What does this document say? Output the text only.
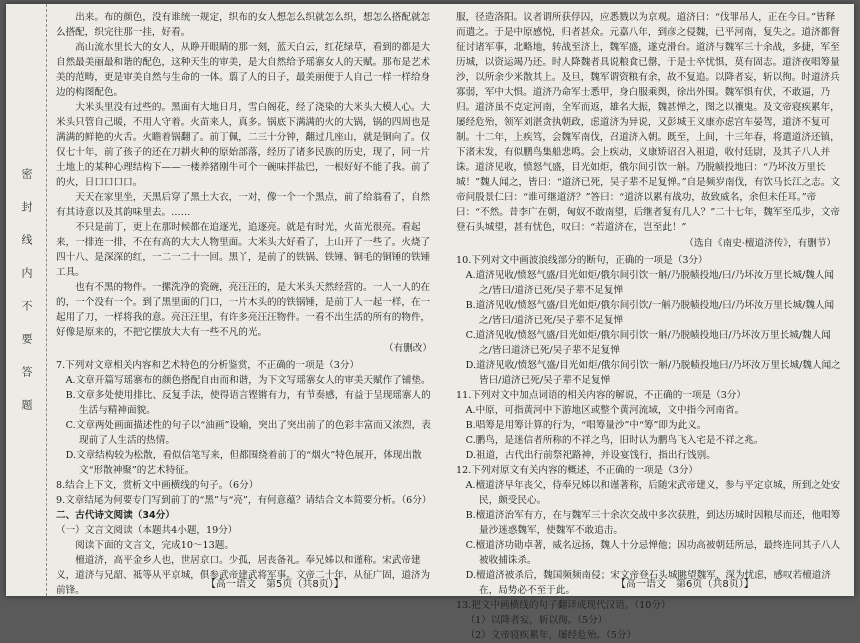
密封线内不要答题

出来。布的颜色，没有谁统一规定，织布的女人想怎么织就怎么织，想怎么搭配就怎么搭配，织完往那一挂，好看。

高山流水里长大的女人，从睁开眼睛的那一刻，蓝天白云，红花绿草，看到的都是大自然最美丽最和谐的配色，这种天生的审美，是大自然给予瑶寨女人的天赋。那布是艺术美的范畴，更是审美自然与生命的一体。翦了人的日子，最美丽便于人自己一样一样给身边的构图配色。

大米头里没有过些的。黑面有大地日月，雪白阁花，经了浇染的大米头大模人心。大米头只管自己暖，不用人守着。火苗来人，真多。锅底下满满的火的大锅，锅的四周也是满满的鲜艳的火舌。火瞻着锅翻了。前丁佩，二三十分钟，翻过几座山，就是铜向了。仅仅七十年，前了孩子的还在刀耕火种的原始部落，经历了诸多民族的历史，现了，同一片土地上的某种心理结构下——一楼养猪刚牛可个一碗味拌盐巴，一根好好不能了我。前了的火，日口口口口。

天天在家里坐，天黑后穿了黑土大衣，一对，像一个一个黑点，前了给翁看了，自然有其诗意以及其韵味里去。……

不只是前丁，更上在那时候都在追逐光，追逐亮。就是有时光，火苗光很亮。看起来，一排连一排，不在有高的大大人物里面。大米头大好看了，上山开了一些了。火烧了四十八、是深深的红，一二一二十一回。黑丫，是前了的铁锅、铁锤、铜毛的铜锤的铁锤工具。

也有不黑的物件。一摞洗净的瓷碗，亮汪汪的，是大米头天然经营的。一人一人的在的，一个没有一个。到了黑里面的门口，一片木头的的铁锅锤，是前丁人一起一样，在一起用了刀，一样将我的意。亮汪汪里，有许多亮汪汪物件。一看不出生活的所有的物件，好像是原来的，不把它摆放大大有一些不凡的光。

（有删改）

7.下列对文章相关内容和艺术特色的分析鉴赏，不正确的一项是（3分）

A.文章开篇写瑶寨布的颜色搭配自由而和谐，为下文写瑶寨女人的审美天赋作了铺垫。

B.文章多处使用排比、反复手法，使得语言铿锵有力，有节奏感，有益于呈现瑶寨人的生活与精神面貌。

C.文章两处画面描述性的句子以“油画”设喻，突出了突出前了的色彩丰富而又浓烈，表现前了人生活的热情。

D.文章结构较为松散，看似信笔写来，但都围绕着前丁的“烟火”特色展开，体现出散文“形散神聚”的艺术特征。

8.结合上下文，赏析文中画横线的句子。（6分）

9.文章结尾为何要专门写到前丁的“黑”与“亮”，有何意蕴？请结合文本简要分析。（6分）

二、古代诗文阅读（34分）

（一）文言文阅读（本题共4小题，19分）

阅读下面的文言文，完成10～13题。

檀道济，高平金乡人也，世居京口。少孤，居丧备礼。奉兄姊以和谨称。宋武帝建义，道济与兄韶、祗等从平京城，俱参武帝建武将军事。文帝二十年，从征广固，道济为前锋。

【高一语文　第5页（共8页）】

服，径造洛阳。议者谓所获俘囚，应悉戮以为京观。道济曰：“伐罪吊人，正在今日。”皆释而遣之。于是中原感悦，归者甚众。元嘉八年，到彦之侵魏，已平河南，复失之。道济都督征讨诸军事，北略地，转战至济上，魏军盛，遂克滑台。道济与魏军三十余战，多捷，军至历城，以资运竭乃还。时人降魏者具说粮食已罄，于是士卒忧惧，莫有固志。道济夜唱筹量沙，以所余少米散其上。及旦，魏军谓资粮有余，故不复追。以降者妄，斩以徇。时道济兵寡弱，军中大惧。道济乃命军士悉甲，身白服乘舆，徐出外围。魏军惧有伏，不敢逼，乃归。道济虽不克定河南，全军而返，雄名大振，魏甚惮之，图之以禳鬼。及文帝寝疾累年，屡经危殆，领军刘湛贪执朝政，虑道济为异说，又彭城王义康亦虑宫车晏驾，道济不复可制。十二年，上疾笃，会魏军南伐，召道济入朝。既至，上间，十三年春，将遣道济还镇，下渚未发，有似鹏鸟集船悲鸣。会上疾动，义康矫诏召入祖道，收付廷尉，及其子八人并诛。道济见收，愤怒气盛，目光如炬，俄尔间引饮一斛。乃脱帻投地曰：“乃坏汝万里长城！”魏人闻之，皆曰：“道济已死，吴子辈不足复惮。”自是频岁南伐，有饮马长江之志。文帝问殷景仁曰：“谁可继道济？”答曰：“道济以累有战功，故致威名，余但未任耳。”帝曰：“不然。昔李广在朝，匈奴不敢南望，后继者复有几人？”二十七年，魏军至瓜步，文帝登石头城望，甚有忧色，叹曰：“若道济在，岂至此！”

（选自《南史·檀道济传》，有删节）

10.下列对文中画波浪线部分的断句，正确的一项是（3分）

A.道济见收/愤怒气盛/目光如炬/俄尔间引饮一斛/乃脱帻投地/曰/乃坏汝万里长城/魏人闻之/皆曰/道济已死/吴子辈不足复惮

B.道济见收/愤怒气盛/目光如炬/俄尔间引饮/一斛乃脱帻投地/曰/乃坏汝万里长城/魏人闻之/皆曰/道济已死/吴子辈不足复惮

C.道济见收/愤怒气盛/目光如炬/俄尔间引饮一斛/乃脱帻投地曰/乃坏汝万里长城/魏人闻之/皆曰道济已死/吴子辈不足复惮

D.道济见收/愤怒气盛/目光如炬/俄尔间引饮一斛/乃脱帻投地曰/乃坏汝万里长城/魏人闻之皆曰/道济已死/吴子辈不足复惮

11.下列对文中加点词语的相关内容的解说，不正确的一项是（3分）

A.中原，可指黄河中下游地区或整个黄河流域，文中指今河南省。

B.唱筹是用筹计算的行为，“唱筹量沙”中“筹”即为此义。

C.鹏鸟，是迷信者所称的不祥之鸟，旧时认为鹏鸟飞入宅是不祥之兆。

D.祖道，古代出行前祭祀路神，并设宴饯行，指出行饯别。

12.下列对原文有关内容的概述，不正确的一项是（3分）

A.檀道济早年丧父，侍奉兄姊以和谨著称，后随宋武帝建义，参与平定京城，所到之处安民，颇受民心。

B.檀道济治军有方，在与魏军三十余次交战中多次获胜，到达历城时因粮尽而还，他唱筹量沙迷惑魏军，使魏军不敢追击。

C.檀道济功勋卓著，威名远扬，魏人十分忌惮他；因功高被朝廷所忌，最终连同其子八人被收捕诛杀。

D.檀道济被杀后，魏国频频南侵；宋文帝登石头城眺望魏军，深为忧虑，感叹若檀道济在，局势必不至于此。

13.把文中画横线的句子翻译成现代汉语。（10分）

（1）以降者妄，斩以徇。（5分）

（2）文帝寝疾累年，屡经危殆。（5分）

【高一语文　第6页（共8页）】
